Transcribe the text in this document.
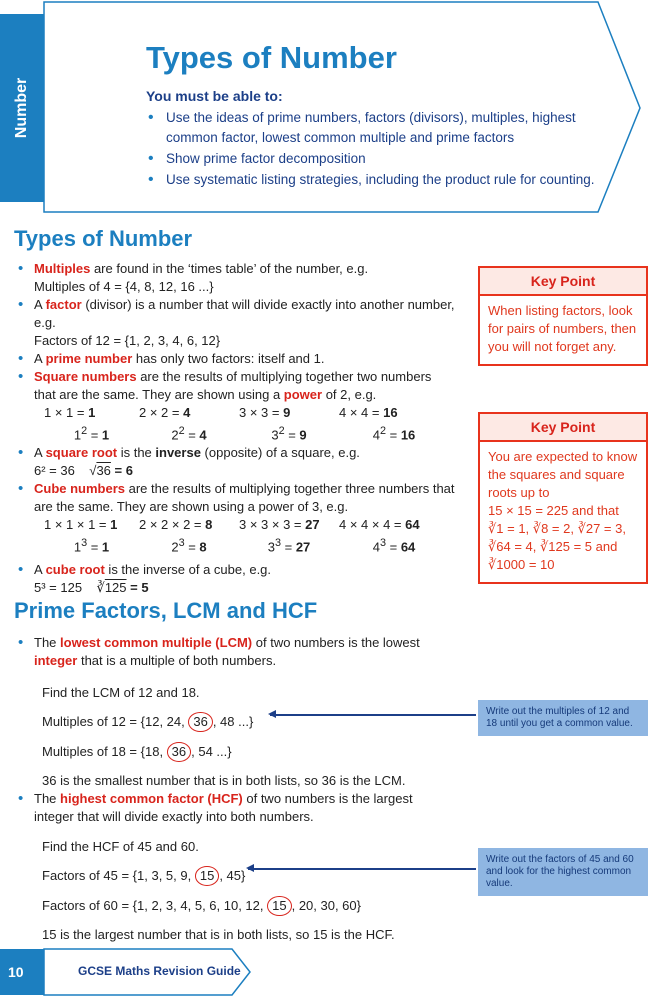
Number
Types of Number
You must be able to:
• Use the ideas of prime numbers, factors (divisors), multiples, highest common factor, lowest common multiple and prime factors
• Show prime factor decomposition
• Use systematic listing strategies, including the product rule for counting.
Types of Number
• Multiples are found in the ‘times table’ of the number, e.g.
Multiples of 4 = {4, 8, 12, 16 ...}
• A factor (divisor) is a number that will divide exactly into another number, e.g.
Factors of 12 = {1, 2, 3, 4, 6, 12}
• A prime number has only two factors: itself and 1.
• Square numbers are the results of multiplying together two numbers that are the same. They are shown using a power of 2, e.g.
1 × 1 = 1	2 × 2 = 4	3 × 3 = 9	4 × 4 = 16
$1^2 = 1$	$2^2 = 4$	$3^2 = 9$	$4^2 = 16$
• A square root is the inverse (opposite) of a square, e.g.
6² = 36    √36 = 6
• Cube numbers are the results of multiplying together three numbers that are the same. They are shown using a power of 3, e.g.
1 × 1 × 1 = 1	2 × 2 × 2 = 8	3 × 3 × 3 = 27	4 × 4 × 4 = 64
$1^3 = 1$	$2^3 = 8$	$3^3 = 27$	$4^3 = 64$
• A cube root is the inverse of a cube, e.g.
5³ = 125    ∛125 = 5
Key Point
When listing factors, look for pairs of numbers, then you will not forget any.
Key Point
You are expected to know the squares and square roots up to
15 × 15 = 225 and that
∛1 = 1, ∛8 = 2, ∛27 = 3,
∛64 = 4, ∛125 = 5 and
∛1000 = 10
Prime Factors, LCM and HCF
• The lowest common multiple (LCM) of two numbers is the lowest integer that is a multiple of both numbers.

Find the LCM of 12 and 18.

Multiples of 12 = {12, 24, 36 , 48 ...}

Multiples of 18 = {18, 36 , 54 ...}

36 is the smallest number that is in both lists, so 36 is the LCM.

Write out the multiples of 12 and 18 until you get a common value.
• The highest common factor (HCF) of two numbers is the largest integer that will divide exactly into both numbers.

Find the HCF of 45 and 60.

Factors of 45 = {1, 3, 5, 9, 15 , 45}

Factors of 60 = {1, 2, 3, 4, 5, 6, 10, 12, 15 , 20, 30, 60}

15 is the largest number that is in both lists, so 15 is the HCF.

Write out the factors of 45 and 60 and look for the highest common value.
10	GCSE Maths Revision Guide
